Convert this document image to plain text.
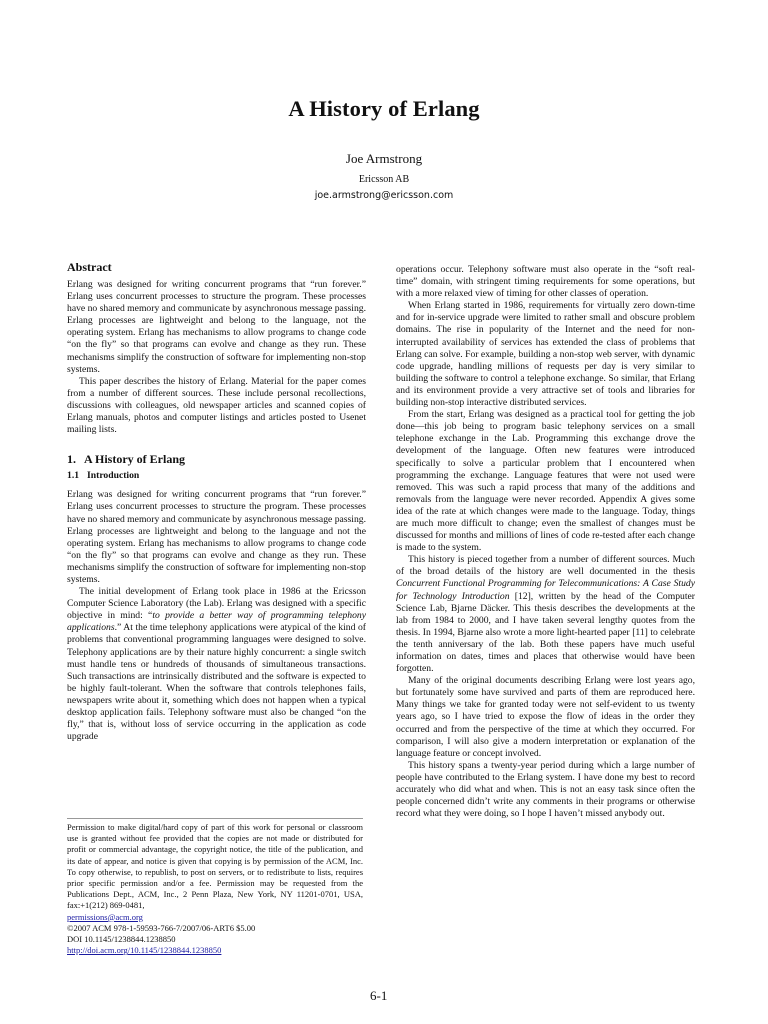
A History of Erlang
Joe Armstrong
Ericsson AB
joe.armstrong@ericsson.com
Abstract

Erlang was designed for writing concurrent programs that “run forever.” Erlang uses concurrent processes to structure the program. These processes have no shared memory and communicate by asynchronous message passing. Erlang processes are lightweight and belong to the language, not the operating system. Erlang has mechanisms to allow programs to change code “on the fly” so that programs can evolve and change as they run. These mechanisms simplify the construction of software for implementing non-stop systems.

This paper describes the history of Erlang. Material for the paper comes from a number of different sources. These include personal recollections, discussions with colleagues, old newspaper articles and scanned copies of Erlang manuals, photos and computer listings and articles posted to Usenet mailing lists.

1. A History of Erlang
1.1 Introduction

Erlang was designed for writing concurrent programs that “run forever.” Erlang uses concurrent processes to structure the program. These processes have no shared memory and communicate by asynchronous message passing. Erlang processes are lightweight and belong to the language and not the operating system. Erlang has mechanisms to allow programs to change code “on the fly” so that programs can evolve and change as they run. These mechanisms simplify the construction of software for implementing non-stop systems.

The initial development of Erlang took place in 1986 at the Ericsson Computer Science Laboratory (the Lab). Erlang was designed with a specific objective in mind: “to provide a better way of programming telephony applications.” At the time telephony applications were atypical of the kind of problems that conventional programming languages were designed to solve. Telephony applications are by their nature highly concurrent: a single switch must handle tens or hundreds of thousands of simultaneous transactions. Such transactions are intrinsically distributed and the software is expected to be highly fault-tolerant. When the software that controls telephones fails, newspapers write about it, something which does not happen when a typical desktop application fails. Telephony software must also be changed “on the fly,” that is, without loss of service occurring in the application as code upgrade

Permission to make digital/hard copy of part of this work for personal or classroom use is granted without fee provided that the copies are not made or distributed for profit or commercial advantage, the copyright notice, the title of the publication, and its date of appear, and notice is given that copying is by permission of the ACM, Inc. To copy otherwise, to republish, to post on servers, or to redistribute to lists, requires prior specific permission and/or a fee. Permission may be requested from the Publications Dept., ACM, Inc., 2 Penn Plaza, New York, NY 11201-0701, USA, fax:+1(212) 869-0481,

permissions@acm.org

©2007 ACM 978-1-59593-766-7/2007/06-ART6 $5.00

DOI 10.1145/1238844.1238850

http://doi.acm.org/10.1145/1238844.1238850

operations occur. Telephony software must also operate in the “soft real-time” domain, with stringent timing requirements for some operations, but with a more relaxed view of timing for other classes of operation.

When Erlang started in 1986, requirements for virtually zero down-time and for in-service upgrade were limited to rather small and obscure problem domains. The rise in popularity of the Internet and the need for non-interrupted availability of services has extended the class of problems that Erlang can solve. For example, building a non-stop web server, with dynamic code upgrade, handling millions of requests per day is very similar to building the software to control a telephone exchange. So similar, that Erlang and its environment provide a very attractive set of tools and libraries for building non-stop interactive distributed services.

From the start, Erlang was designed as a practical tool for getting the job done—this job being to program basic telephony services on a small telephone exchange in the Lab. Programming this exchange drove the development of the language. Often new features were introduced specifically to solve a particular problem that I encountered when programming the exchange. Language features that were not used were removed. This was such a rapid process that many of the additions and removals from the language were never recorded. Appendix A gives some idea of the rate at which changes were made to the language. Today, things are much more difficult to change; even the smallest of changes must be discussed for months and millions of lines of code re-tested after each change is made to the system.

This history is pieced together from a number of different sources. Much of the broad details of the history are well documented in the thesis Concurrent Functional Programming for Telecommunications: A Case Study for Technology Introduction [12], written by the head of the Computer Science Lab, Bjarne Däcker. This thesis describes the developments at the lab from 1984 to 2000, and I have taken several lengthy quotes from the thesis. In 1994, Bjarne also wrote a more light-hearted paper [11] to celebrate the tenth anniversary of the lab. Both these papers have much useful information on dates, times and places that otherwise would have been forgotten.

Many of the original documents describing Erlang were lost years ago, but fortunately some have survived and parts of them are reproduced here. Many things we take for granted today were not self-evident to us twenty years ago, so I have tried to expose the flow of ideas in the order they occurred and from the perspective of the time at which they occurred. For comparison, I will also give a modern interpretation or explanation of the language feature or concept involved.

This history spans a twenty-year period during which a large number of people have contributed to the Erlang system. I have done my best to record accurately who did what and when. This is not an easy task since often the people concerned didn’t write any comments in their programs or otherwise record what they were doing, so I hope I haven’t missed anybody out.

6-1
